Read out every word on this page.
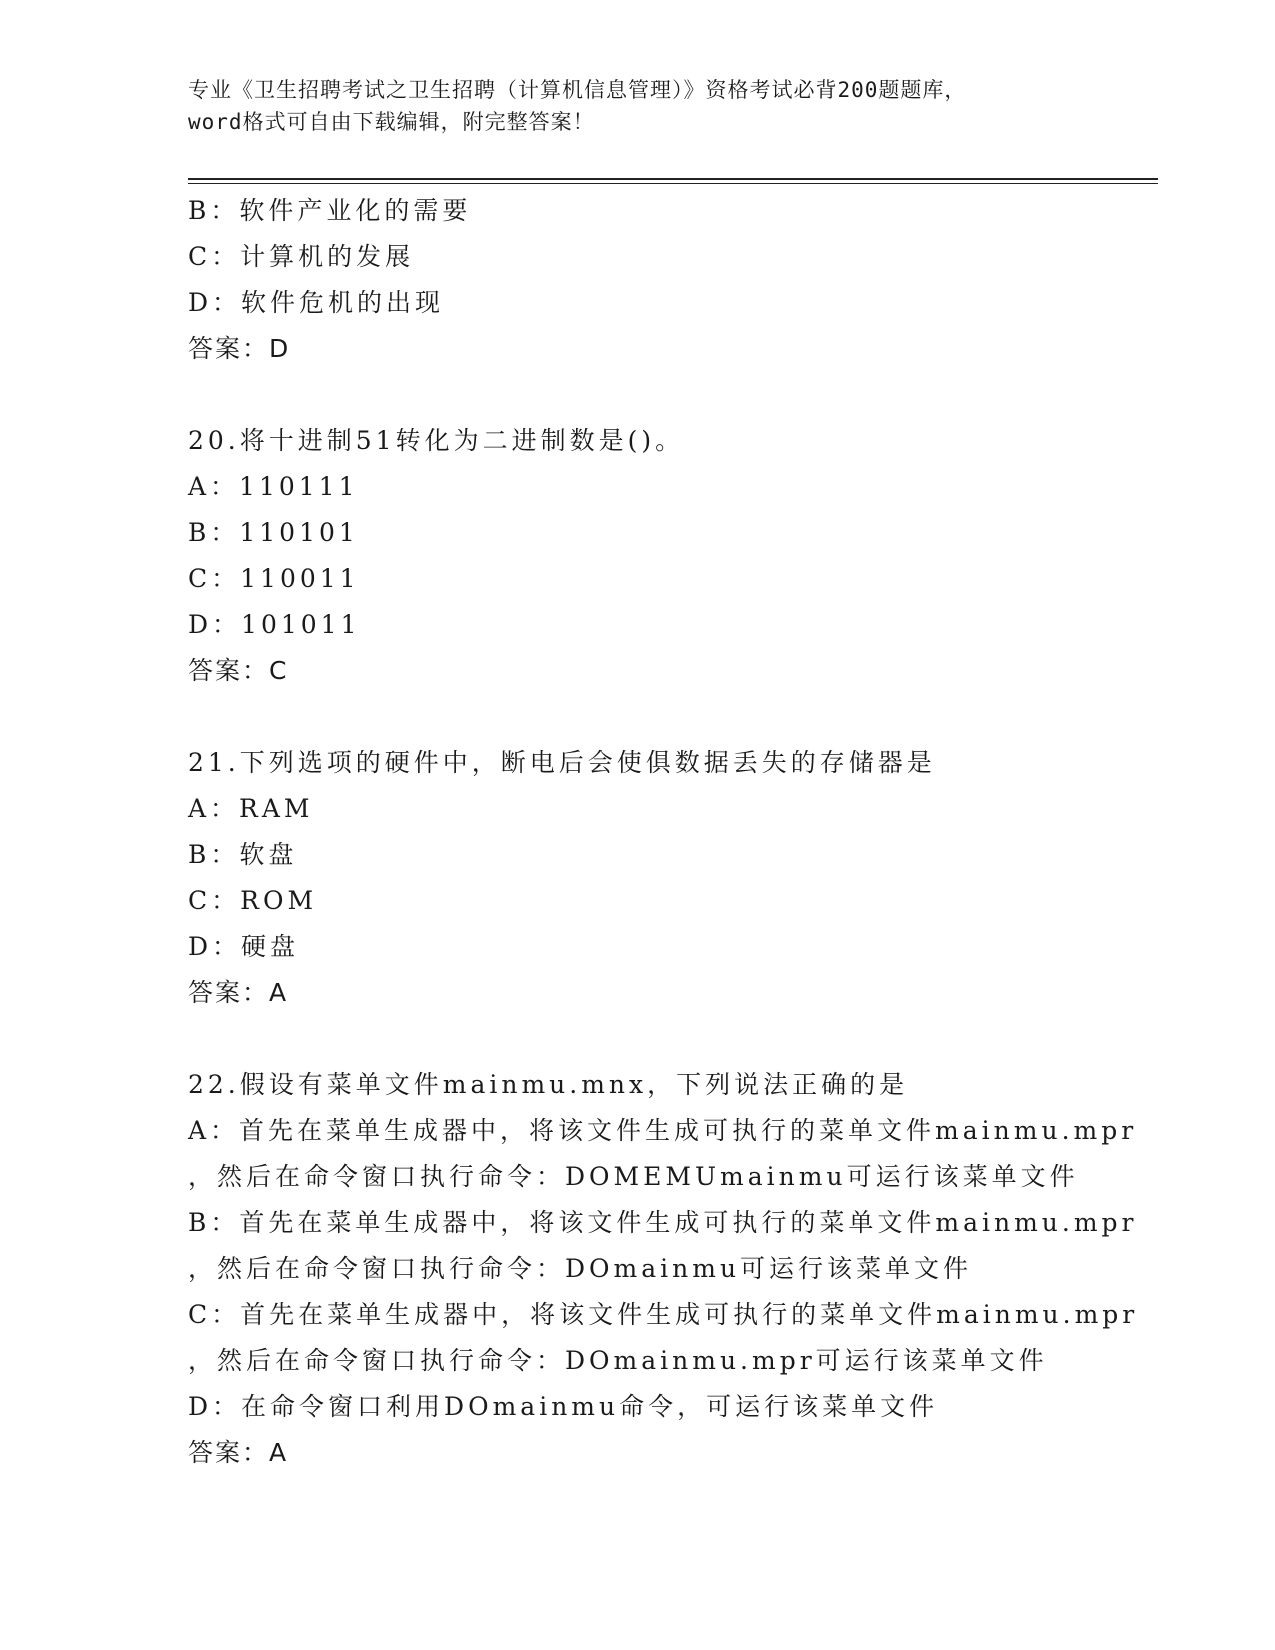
专业《卫生招聘考试之卫生招聘（计算机信息管理）》资格考试必背200题题库，
word格式可自由下载编辑，附完整答案！
B：软件产业化的需要
C：计算机的发展
D：软件危机的出现
答案：D
20.将十进制51转化为二进制数是()。
A：110111
B：110101
C：110011
D：101011
答案：C
21.下列选项的硬件中，断电后会使俱数据丢失的存储器是
A：RAM
B：软盘
C：ROM
D：硬盘
答案：A
22.假设有菜单文件mainmu.mnx，下列说法正确的是
A：首先在菜单生成器中，将该文件生成可执行的菜单文件mainmu.mpr
，然后在命令窗口执行命令：DOMEMUmainmu可运行该菜单文件
B：首先在菜单生成器中，将该文件生成可执行的菜单文件mainmu.mpr
，然后在命令窗口执行命令：DOmainmu可运行该菜单文件
C：首先在菜单生成器中，将该文件生成可执行的菜单文件mainmu.mpr
，然后在命令窗口执行命令：DOmainmu.mpr可运行该菜单文件
D：在命令窗口利用DOmainmu命令，可运行该菜单文件
答案：A
